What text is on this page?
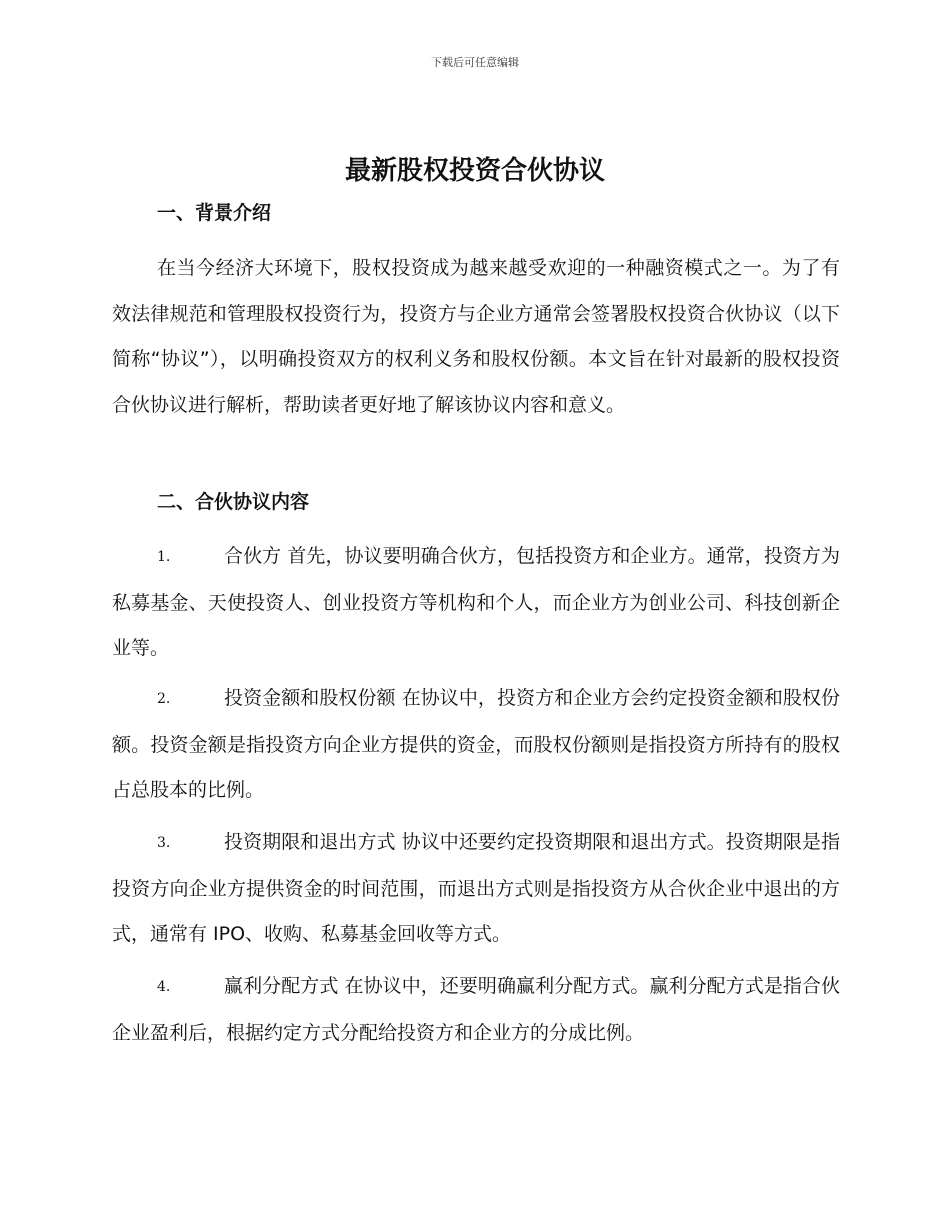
下载后可任意编辑
最新股权投资合伙协议
一、背景介绍

在当今经济大环境下，股权投资成为越来越受欢迎的一种融资模式之一。为了有效法律规范和管理股权投资行为，投资方与企业方通常会签署股权投资合伙协议（以下简称“协议”），以明确投资双方的权利义务和股权份额。本文旨在针对最新的股权投资合伙协议进行解析，帮助读者更好地了解该协议内容和意义。

二、合伙协议内容

1.	合伙方 首先，协议要明确合伙方，包括投资方和企业方。通常，投资方为私募基金、天使投资人、创业投资方等机构和个人，而企业方为创业公司、科技创新企业等。

2.	投资金额和股权份额 在协议中，投资方和企业方会约定投资金额和股权份额。投资金额是指投资方向企业方提供的资金，而股权份额则是指投资方所持有的股权占总股本的比例。

3.	投资期限和退出方式 协议中还要约定投资期限和退出方式。投资期限是指投资方向企业方提供资金的时间范围，而退出方式则是指投资方从合伙企业中退出的方式，通常有 IPO、收购、私募基金回收等方式。

4.	赢利分配方式 在协议中，还要明确赢利分配方式。赢利分配方式是指合伙企业盈利后，根据约定方式分配给投资方和企业方的分成比例。
